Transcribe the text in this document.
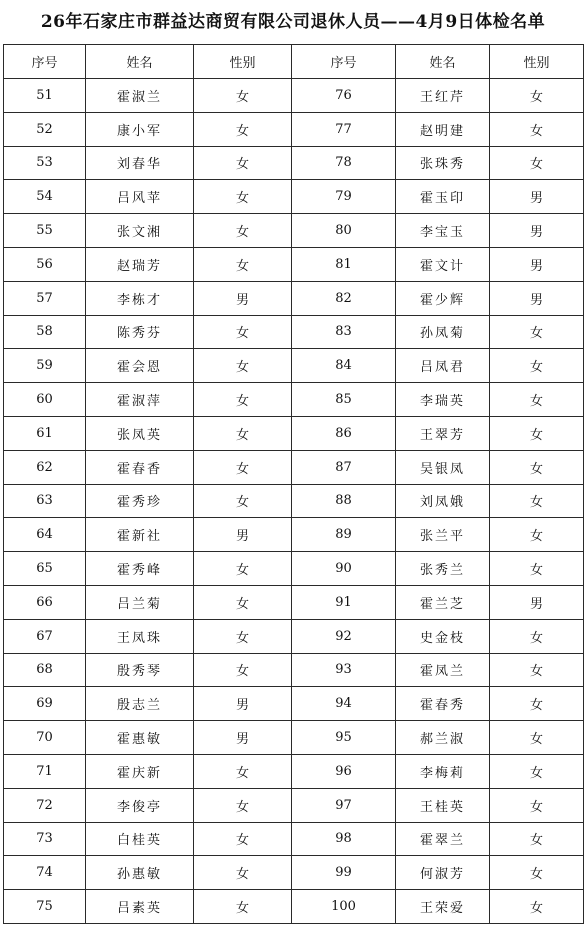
26年石家庄市群益达商贸有限公司退休人员——4月9日体检名单
序号	姓名	性别	序号	姓名	性别
51	霍淑兰	女	76	王红芹	女
52	康小军	女	77	赵明建	女
53	刘春华	女	78	张珠秀	女
54	吕风苹	女	79	霍玉印	男
55	张文湘	女	80	李宝玉	男
56	赵瑞芳	女	81	霍文计	男
57	李栋才	男	82	霍少辉	男
58	陈秀芬	女	83	孙凤菊	女
59	霍会恩	女	84	吕凤君	女
60	霍淑萍	女	85	李瑞英	女
61	张凤英	女	86	王翠芳	女
62	霍春香	女	87	吴银凤	女
63	霍秀珍	女	88	刘凤娥	女
64	霍新社	男	89	张兰平	女
65	霍秀峰	女	90	张秀兰	女
66	吕兰菊	女	91	霍兰芝	男
67	王凤珠	女	92	史金枝	女
68	殷秀琴	女	93	霍凤兰	女
69	殷志兰	男	94	霍春秀	女
70	霍惠敏	男	95	郝兰淑	女
71	霍庆新	女	96	李梅莉	女
72	李俊亭	女	97	王桂英	女
73	白桂英	女	98	霍翠兰	女
74	孙惠敏	女	99	何淑芳	女
75	吕素英	女	100	王荣爱	女
